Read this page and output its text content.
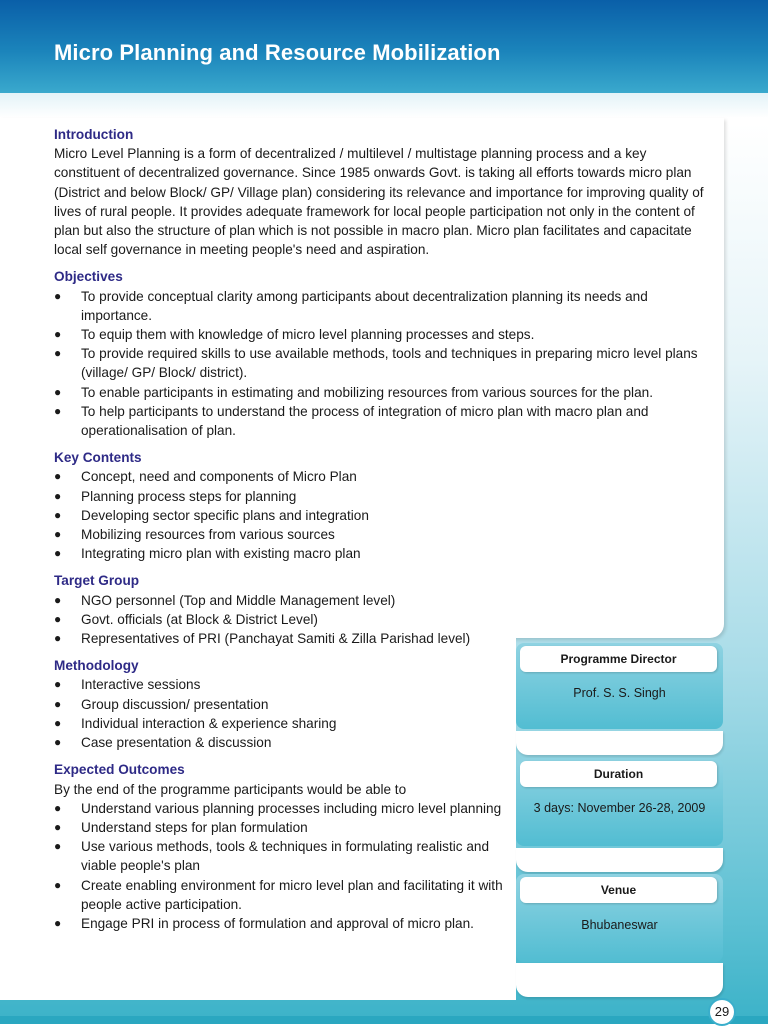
Micro Planning and Resource Mobilization
Programme Director
Prof. S. S. Singh
Duration
3 days: November 26-28, 2009
Venue
Bhubaneswar

Introduction

Micro Level Planning is a form of decentralized / multilevel / multistage planning process and a key constituent of decentralized governance. Since 1985 onwards Govt. is taking all efforts towards micro plan (District and below Block/ GP/ Village plan) considering its relevance and importance for improving quality of lives of rural people. It provides adequate framework for local people participation not only in the content of plan but also the structure of plan which is not possible in macro plan. Micro plan facilitates and capacitate local self governance in meeting people's need and aspiration.

Objectives

● To provide conceptual clarity among participants about decentralization planning its needs and importance.
● To equip them with knowledge of micro level planning processes and steps.
● To provide required skills to use available methods, tools and techniques in preparing micro level plans (village/ GP/ Block/ district).
● To enable participants in estimating and mobilizing resources from various sources for the plan.
● To help participants to understand the process of integration of micro plan with macro plan and operationalisation of plan.

Key Contents

● Concept, need and components of Micro Plan
● Planning process steps for planning
● Developing sector specific plans and integration
● Mobilizing resources from various sources
● Integrating micro plan with existing macro plan

Target Group

● NGO personnel (Top and Middle Management level)
● Govt. officials (at Block & District Level)
● Representatives of PRI (Panchayat Samiti & Zilla Parishad level)

Methodology

● Interactive sessions
● Group discussion/ presentation
● Individual interaction & experience sharing
● Case presentation & discussion

Expected Outcomes

By the end of the programme participants would be able to

● Understand various planning processes including micro level planning
● Understand steps for plan formulation
● Use various methods, tools & techniques in formulating realistic and viable people's plan
● Create enabling environment for micro level plan and facilitating it with people active participation.
● Engage PRI in process of formulation and approval of micro plan.
29
